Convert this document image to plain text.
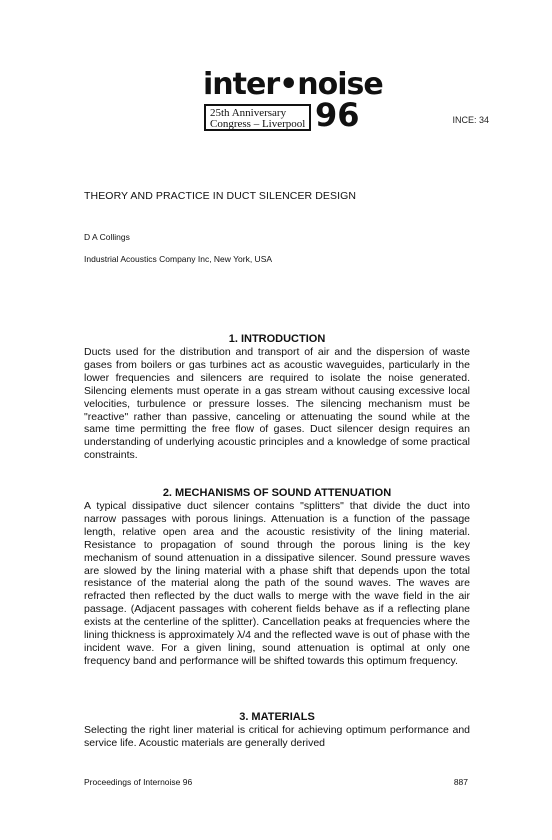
inter•noise
25th Anniversary
Congress – Liverpool 96	INCE: 34
THEORY AND PRACTICE IN DUCT SILENCER DESIGN
D A Collings
Industrial Acoustics Company Inc, New York, USA
1. INTRODUCTION

Ducts used for the distribution and transport of air and the dispersion of waste gases from boilers or gas turbines act as acoustic waveguides, particularly in the lower frequencies and silencers are required to isolate the noise generated. Silencing elements must operate in a gas stream without causing excessive local velocities, turbulence or pressure losses. The silencing mechanism must be "reactive" rather than passive, canceling or attenuating the sound while at the same time permitting the free flow of gases. Duct silencer design requires an understanding of underlying acoustic principles and a knowledge of some practical constraints.

2. MECHANISMS OF SOUND ATTENUATION

A typical dissipative duct silencer contains "splitters" that divide the duct into narrow passages with porous linings. Attenuation is a function of the passage length, relative open area and the acoustic resistivity of the lining material. Resistance to propagation of sound through the porous lining is the key mechanism of sound attenuation in a dissipative silencer. Sound pressure waves are slowed by the lining material with a phase shift that depends upon the total resistance of the material along the path of the sound waves. The waves are refracted then reflected by the duct walls to merge with the wave field in the air passage. (Adjacent passages with coherent fields behave as if a reflecting plane exists at the centerline of the splitter). Cancellation peaks at frequencies where the lining thickness is approximately λ/4 and the reflected wave is out of phase with the incident wave. For a given lining, sound attenuation is optimal at only one frequency band and performance will be shifted towards this optimum frequency.

3. MATERIALS

Selecting the right liner material is critical for achieving optimum performance and service life. Acoustic materials are generally derived

Proceedings of Internoise 96	887
